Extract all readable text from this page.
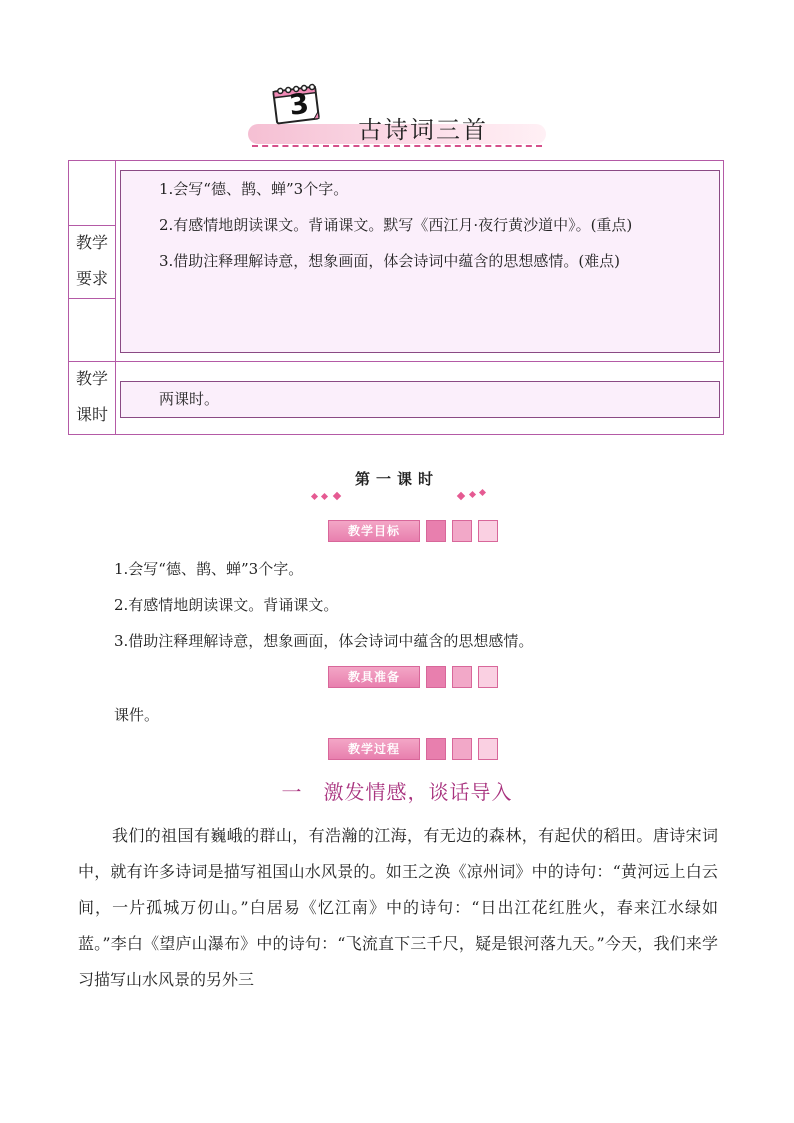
3
古诗词三首
教学
要求

1.会写“德、鹊、蝉”3个字。

2.有感情地朗读课文。背诵课文。默写《西江月·夜行黄沙道中》。(重点)

3.借助注释理解诗意，想象画面，体会诗词中蕴含的思想感情。(难点)

教学
课时

两课时。

第一课时
教学目标
1.会写“德、鹊、蝉”3个字。
2.有感情地朗读课文。背诵课文。
3.借助注释理解诗意，想象画面，体会诗词中蕴含的思想感情。
教具准备
课件。
教学过程
一　激发情感，谈话导入
我们的祖国有巍峨的群山，有浩瀚的江海，有无边的森林，有起伏的稻田。唐诗宋词中，就有许多诗词是描写祖国山水风景的。如王之涣《凉州词》中的诗句：“黄河远上白云间，一片孤城万仞山。”白居易《忆江南》中的诗句：“日出江花红胜火，春来江水绿如蓝。”李白《望庐山瀑布》中的诗句：“飞流直下三千尺，疑是银河落九天。”今天，我们来学习描写山水风景的另外三
